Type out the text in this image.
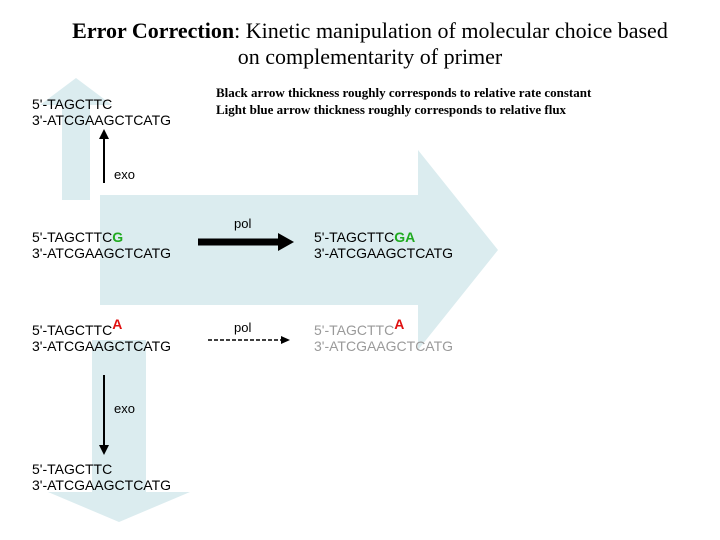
Error Correction: Kinetic manipulation of molecular choice based
on complementarity of primer
Black arrow thickness roughly corresponds to relative rate constant
Light blue arrow thickness roughly corresponds to relative flux
5'-TAGCTTC
3'-ATCGAAGCTCATG
exo
5'-TAGCTTCG
3'-ATCGAAGCTCATG
pol
5'-TAGCTTCGA
3'-ATCGAAGCTCATG
5'-TAGCTTCA
3'-ATCGAAGCTCATG
pol	5'-TAGCTTCA
3'-ATCGAAGCTCATG
exo
5'-TAGCTTC
3'-ATCGAAGCTCATG
